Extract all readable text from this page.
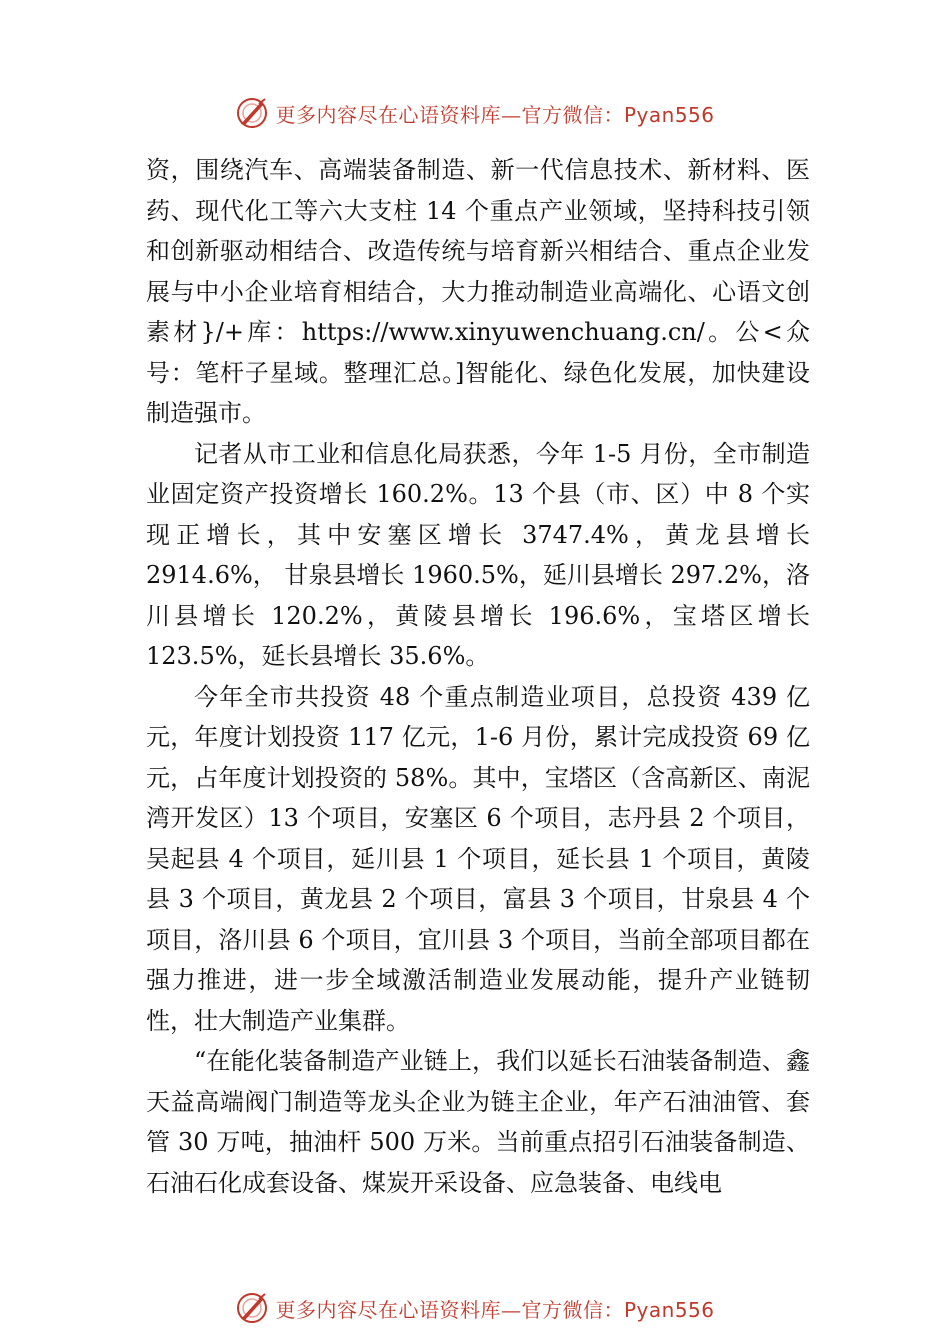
更多内容尽在心语资料库—官方微信：Pyan556

资，围绕汽车、高端装备制造、新一代信息技术、新材料、医药、现代化工等六大支柱 14 个重点产业领域，坚持科技引领和创新驱动相结合、改造传统与培育新兴相结合、重点企业发展与中小企业培育相结合，大力推动制造业高端化、心语文创素材}/+库：https://www.xinyuwenchuang.cn/。公<众号：笔杆子星域。整理汇总。]智能化、绿色化发展，加快建设制造强市。

记者从市工业和信息化局获悉，今年 1-5 月份，全市制造业固定资产投资增长 160.2%。13 个县（市、区）中 8 个实现正增长，其中安塞区增长 3747.4%，黄龙县增长 2914.6%， 甘泉县增长 1960.5%，延川县增长 297.2%，洛川县增长 120.2%，黄陵县增长 196.6%，宝塔区增长 123.5%，延长县增长 35.6%。

今年全市共投资 48 个重点制造业项目，总投资 439 亿元，年度计划投资 117 亿元，1-6 月份，累计完成投资 69 亿元，占年度计划投资的 58%。其中，宝塔区（含高新区、南泥湾开发区）13 个项目，安塞区 6 个项目，志丹县 2 个项目，吴起县 4 个项目，延川县 1 个项目，延长县 1 个项目，黄陵县 3 个项目，黄龙县 2 个项目，富县 3 个项目，甘泉县 4 个项目，洛川县 6 个项目，宜川县 3 个项目，当前全部项目都在强力推进，进一步全域激活制造业发展动能，提升产业链韧性，壮大制造产业集群。

“在能化装备制造产业链上，我们以延长石油装备制造、鑫天益高端阀门制造等龙头企业为链主企业，年产石油油管、套管 30 万吨，抽油杆 500 万米。当前重点招引石油装备制造、石油石化成套设备、煤炭开采设备、应急装备、电线电

更多内容尽在心语资料库—官方微信：Pyan556
